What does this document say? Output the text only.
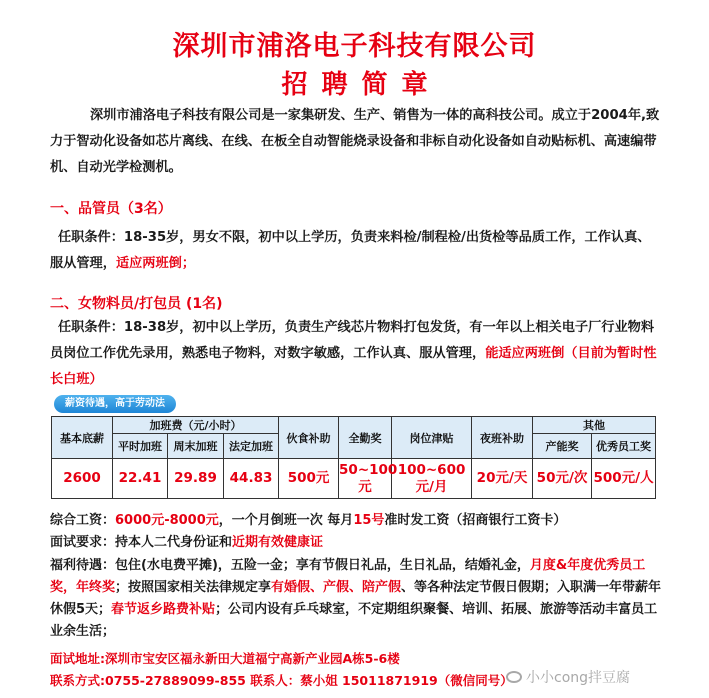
深圳市浦洛电子科技有限公司
招聘简章

深圳市浦洛电子科技有限公司是一家集研发、生产、销售为一体的高科技公司。成立于2004年,致力于智动化设备如芯片离线、在线、在板全自动智能烧录设备和非标自动化设备如自动贴标机、高速编带机、自动光学检测机。

一、品管员（3名）

任职条件：18-35岁，男女不限，初中以上学历，负责来料检/制程检/出货检等品质工作，工作认真、服从管理，适应两班倒；

二、女物料员/打包员 (1名)

任职条件：18-38岁，初中以上学历，负责生产线芯片物料打包发货，有一年以上相关电子厂行业物料员岗位工作优先录用，熟悉电子物料，对数字敏感，工作认真、服从管理，能适应两班倒（目前为暂时性长白班）

薪资待遇，高于劳动法
基本底薪	加班费（元/小时）			伙食补助	全勤奖	岗位津贴	夜班补助	其他	
	平时加班	周末加班	法定加班					产能奖	优秀员工奖
2600	22.41	29.89	44.83	500元	50~100元	100~600元/月	20元/天	50元/次	500元/人

综合工资：6000元-8000元，一个月倒班一次 每月15号准时发工资（招商银行工资卡）

面试要求：持本人二代身份证和近期有效健康证

福利待遇：包住(水电费平摊)，五险一金；享有节假日礼品，生日礼品，结婚礼金，月度&年度优秀员工奖，年终奖；按照国家相关法律规定享有婚假、产假、陪产假、等各种法定节假日假期；入职满一年带薪年休假5天；春节返乡路费补贴；公司内设有乒乓球室，不定期组织聚餐、培训、拓展、旅游等活动丰富员工业余生活；

面试地址:深圳市宝安区福永新田大道福宁高新产业园A栋5-6楼
联系方式:0755-27889099-855 联系人：蔡小姐 15011871919（微信同号） 小小cong拌豆腐
